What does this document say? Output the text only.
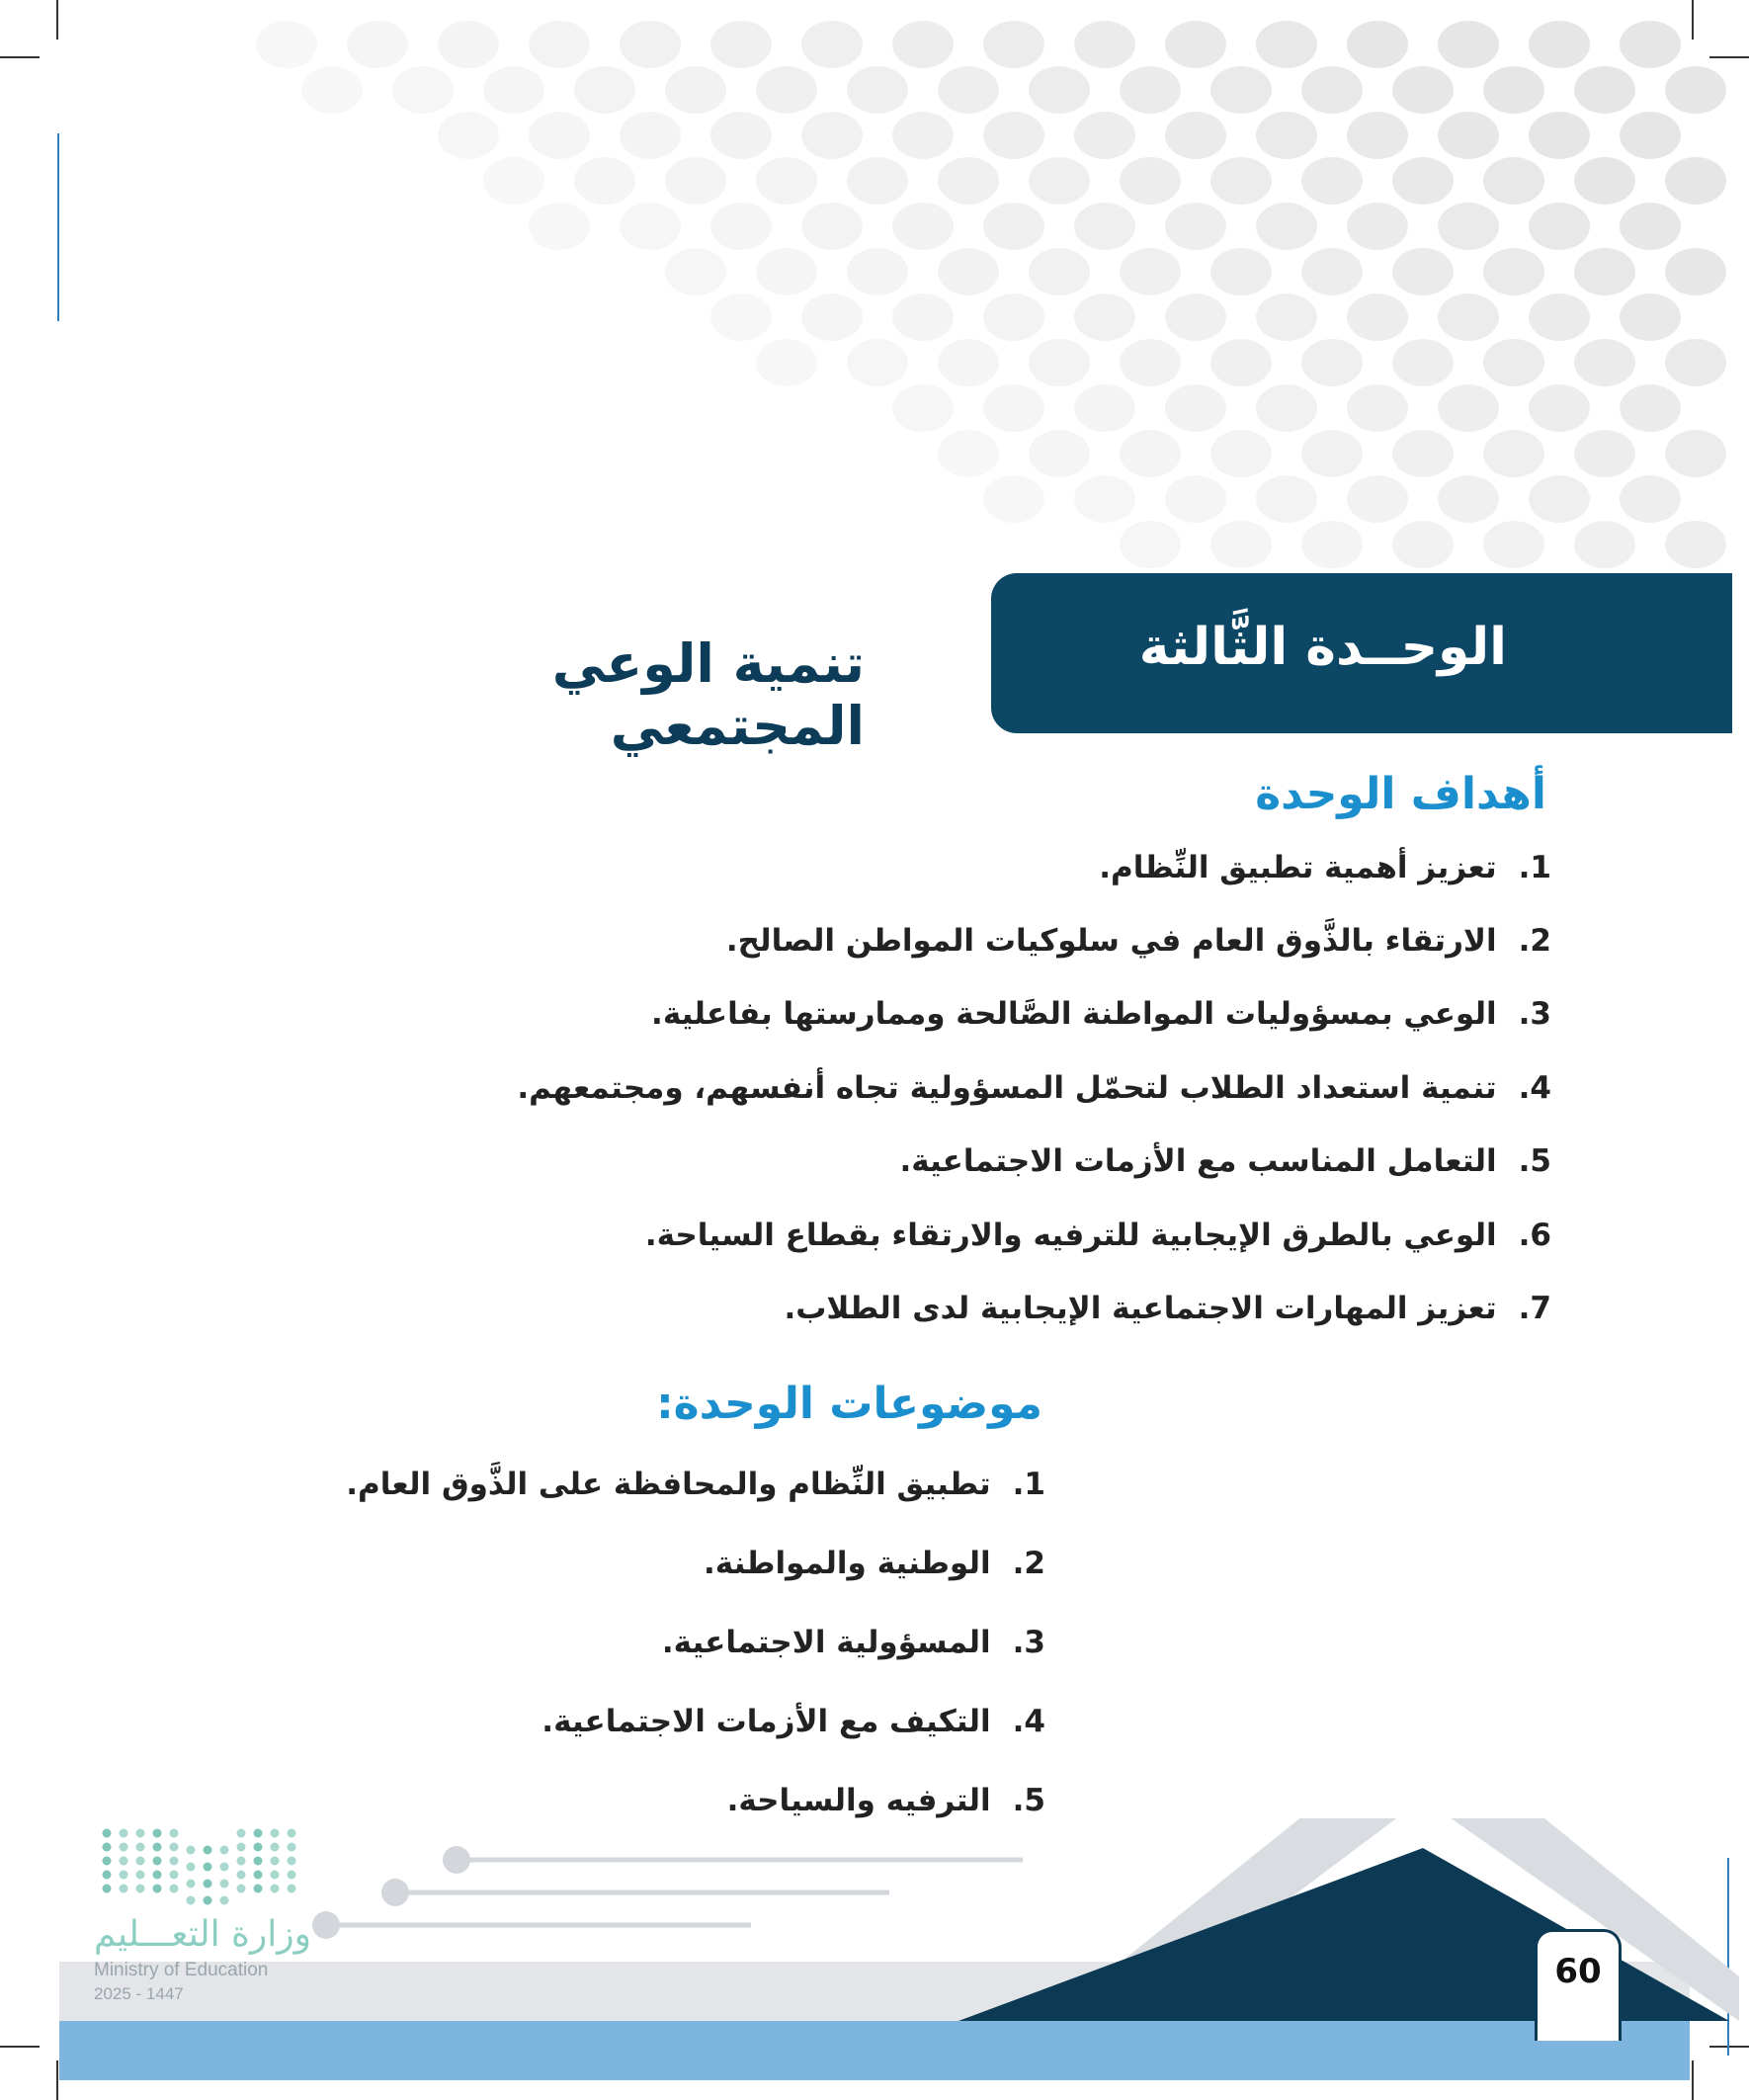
الوحــدة الثَّالثة
تنمية الوعي المجتمعي
أهداف الوحدة
1.تعزيز أهمية تطبيق النِّظام.
2.الارتقاء بالذَّوق العام في سلوكيات المواطن الصالح.
3.الوعي بمسؤوليات المواطنة الصَّالحة وممارستها بفاعلية.
4.تنمية استعداد الطلاب لتحمّل المسؤولية تجاه أنفسهم، ومجتمعهم.
5.التعامل المناسب مع الأزمات الاجتماعية.
6.الوعي بالطرق الإيجابية للترفيه والارتقاء بقطاع السياحة.
7.تعزيز المهارات الاجتماعية الإيجابية لدى الطلاب.
موضوعات الوحدة:
1.تطبيق النِّظام والمحافظة على الذَّوق العام.
2.الوطنية والمواطنة.
3.المسؤولية الاجتماعية.
4.التكيف مع الأزمات الاجتماعية.
5.الترفيه والسياحة.
60
وزارة التعـــليم
Ministry of Education
2025 - 1447
